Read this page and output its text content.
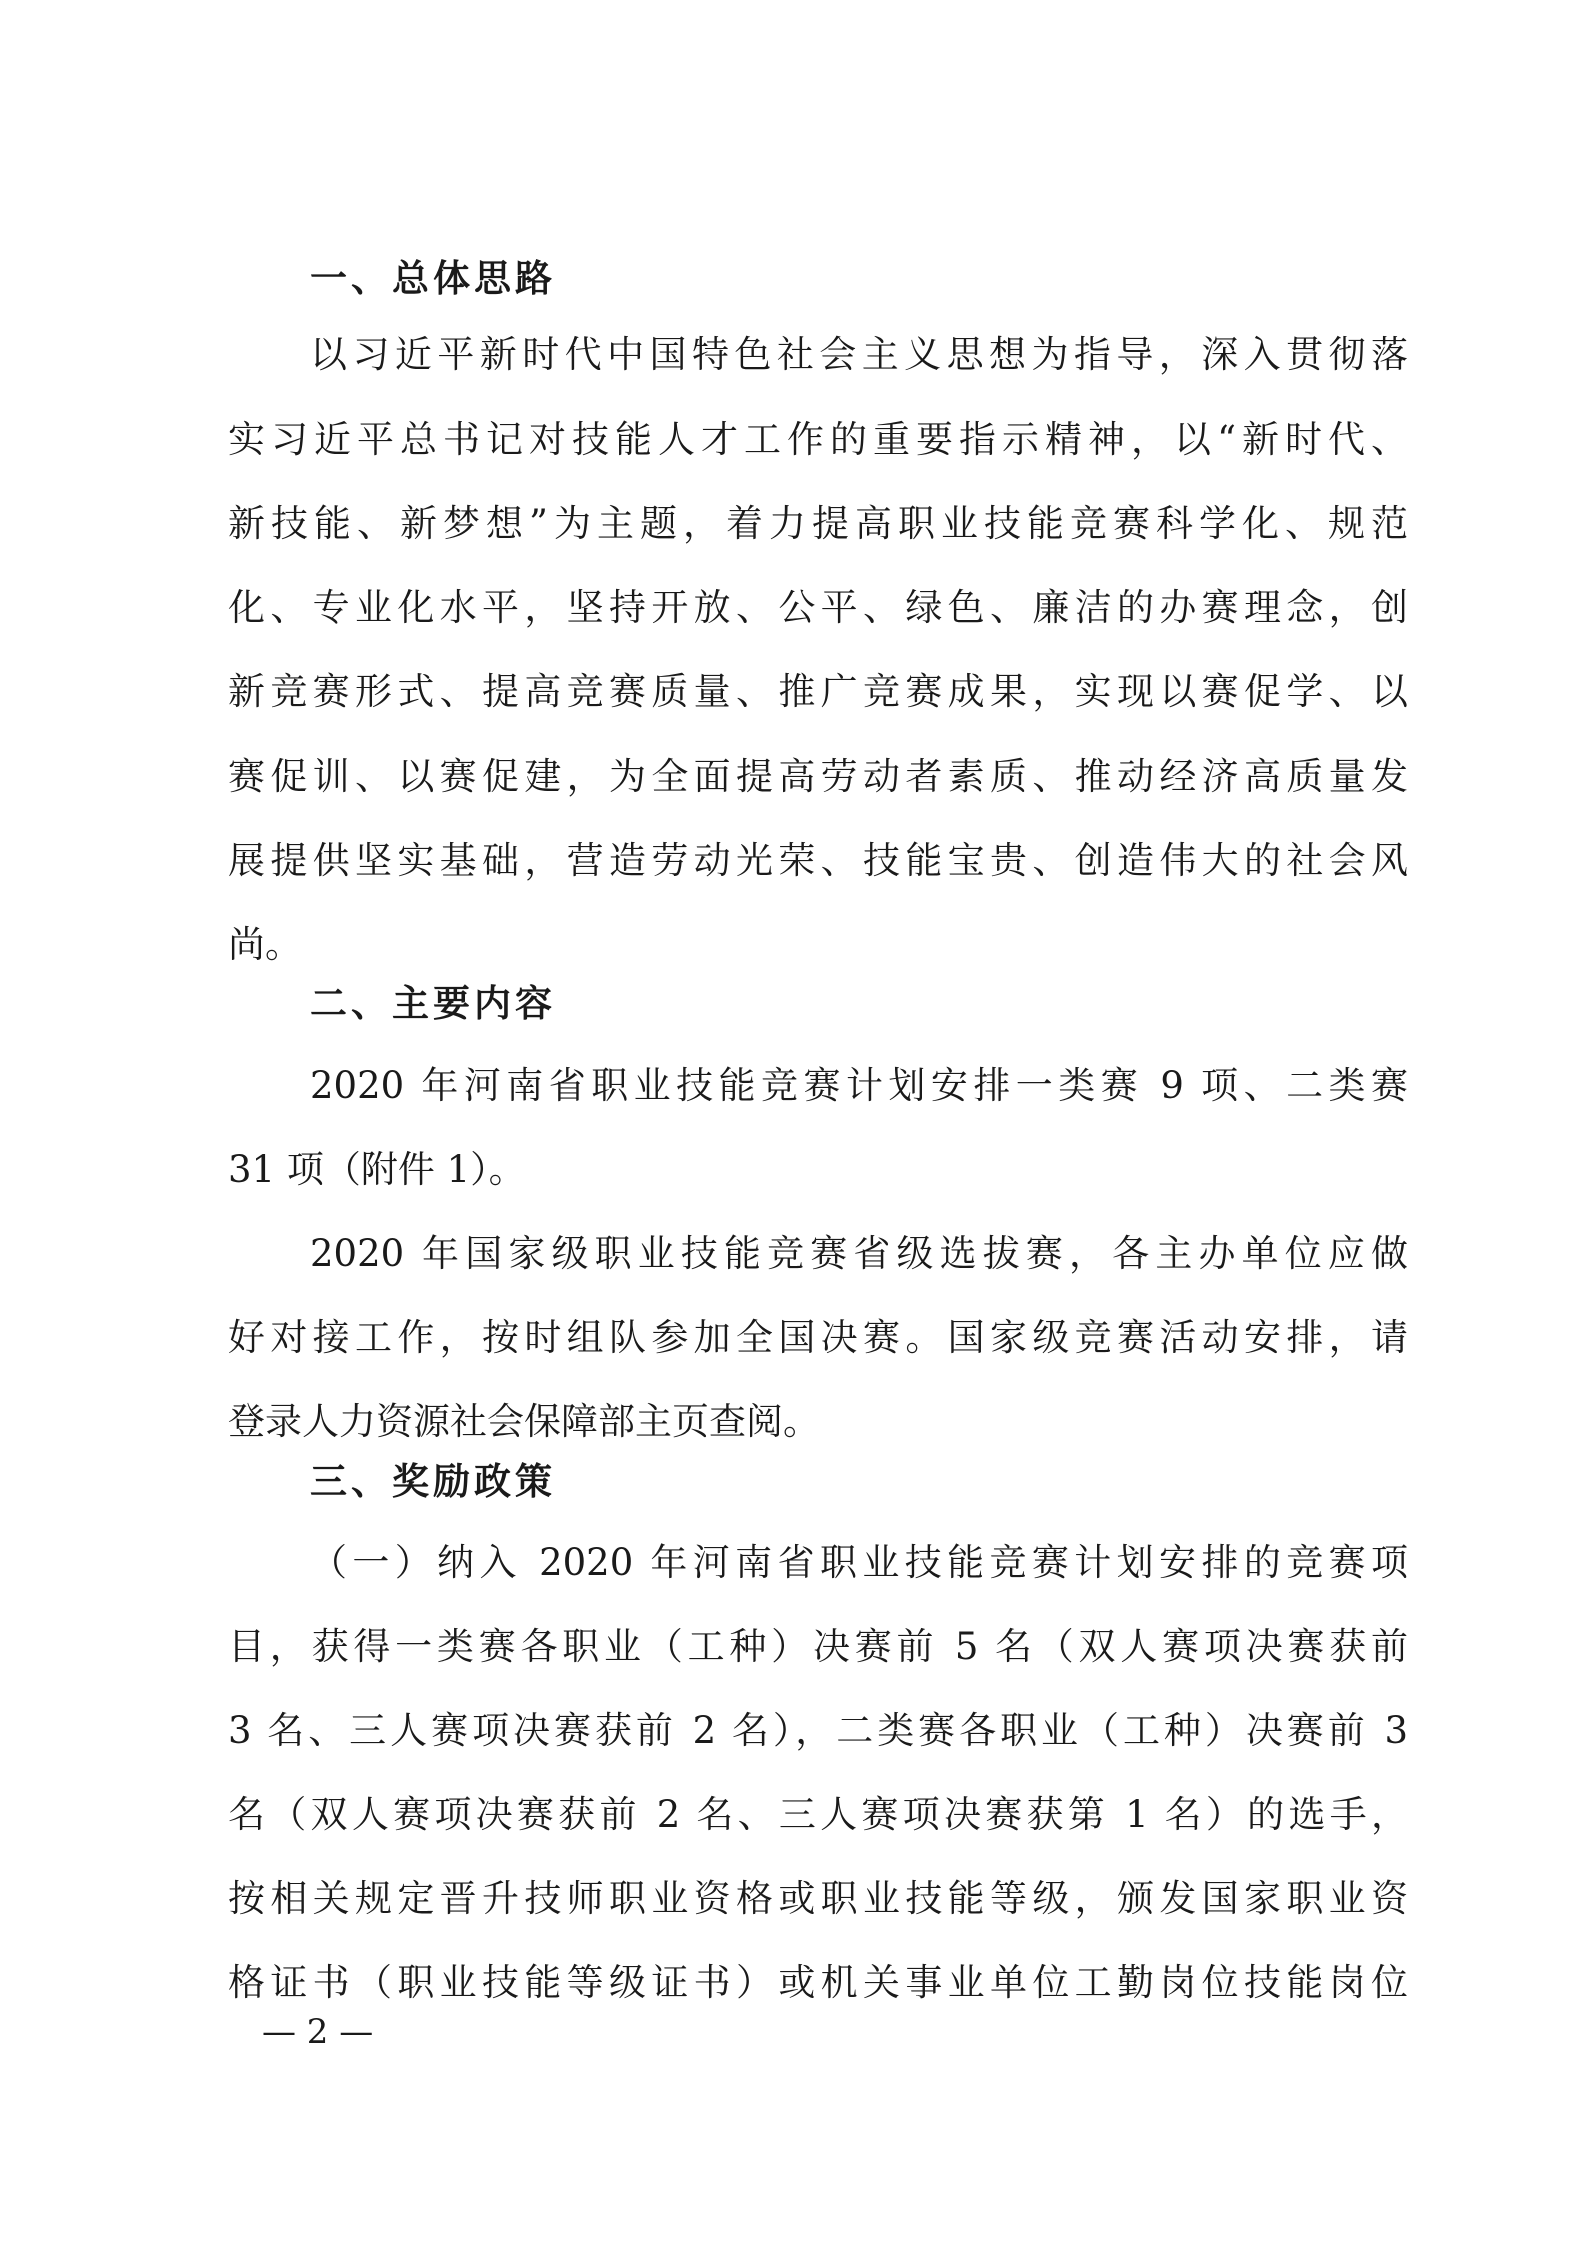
一、总体思路
以习近平新时代中国特色社会主义思想为指导，深入贯彻落
实习近平总书记对技能人才工作的重要指示精神，以“新时代、
新技能、新梦想”为主题，着力提高职业技能竞赛科学化、规范
化、专业化水平，坚持开放、公平、绿色、廉洁的办赛理念，创
新竞赛形式、提高竞赛质量、推广竞赛成果，实现以赛促学、以
赛促训、以赛促建，为全面提高劳动者素质、推动经济高质量发
展提供坚实基础，营造劳动光荣、技能宝贵、创造伟大的社会风
尚。
二、主要内容
2020 年河南省职业技能竞赛计划安排一类赛 9 项、二类赛
31 项（附件 1）。
2020 年国家级职业技能竞赛省级选拔赛，各主办单位应做
好对接工作，按时组队参加全国决赛。国家级竞赛活动安排，请
登录人力资源社会保障部主页查阅。
三、奖励政策
（一）纳入 2020 年河南省职业技能竞赛计划安排的竞赛项
目，获得一类赛各职业（工种）决赛前 5 名（双人赛项决赛获前
3 名、三人赛项决赛获前 2 名），二类赛各职业（工种）决赛前 3
名（双人赛项决赛获前 2 名、三人赛项决赛获第 1 名）的选手，
按相关规定晋升技师职业资格或职业技能等级，颁发国家职业资
格证书（职业技能等级证书）或机关事业单位工勤岗位技能岗位
— 2 —
